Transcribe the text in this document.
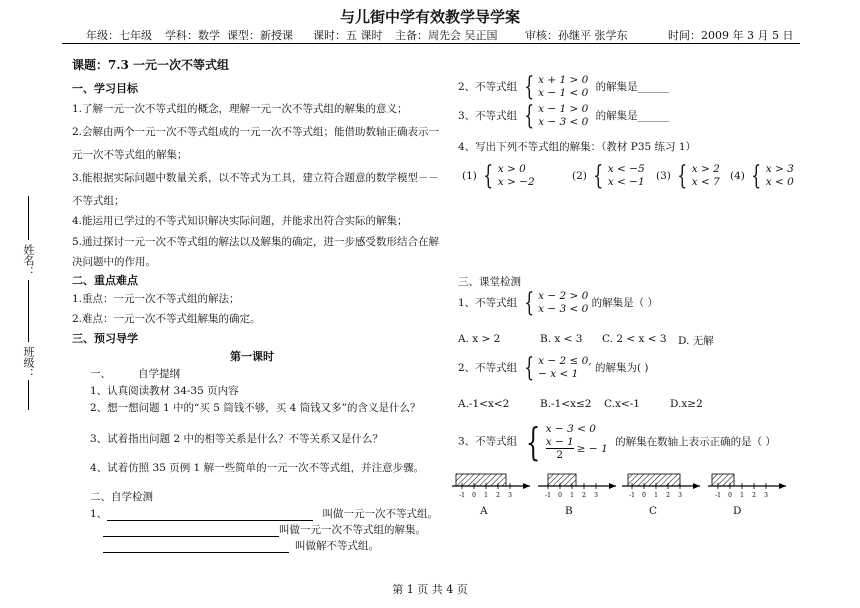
与儿街中学有效教学导学案
年级：七年级 学科：数学 课型：新授课 课时：五 课时 主备：周先会 吴正国	审核：孙继平 张学东	时间：2009 年 3 月 5 日
姓名：
班级：
课题：7.3 一元一次不等式组
一、学习目标
1.了解一元一次不等式组的概念，理解一元一次不等式组的解集的意义；
2.会解由两个一元一次不等式组成的一元一次不等式组；能借助数轴正确表示一
元一次不等式组的解集；
3.能根据实际问题中数量关系，以不等式为工具，建立符合题意的数学模型－－
不等式组；
4.能运用已学过的不等式知识解决实际问题，并能求出符合实际的解集；
5.通过探讨一元一次不等式组的解法以及解集的确定，进一步感受数形结合在解
决问题中的作用。
二、重点难点
1.重点：一元一次不等式组的解法；
2.难点：一元一次不等式组解集的确定。
三、预习导学
第一课时
一、	自学提纲
1、认真阅读教材 34-35 页内容
2、想一想问题 1 中的“买 5 筒钱不够，买 4 筒钱又多”的含义是什么？
3、试着指出问题 2 中的相等关系是什么？不等关系又是什么？
4、试着仿照 35 页例 1 解一些简单的一元一次不等式组，并注意步骤。
二、自学检测
1、	叫做一元一次不等式组。
叫做一元一次不等式组的解集。
叫做解不等式组。
2、不等式组 { x + 1 > 0
x − 1 < 0 的解集是______
3、不等式组 { x − 1 > 0
x − 3 < 0 的解集是______
4、写出下列不等式组的解集：（教材 P35 练习 1）
(1) { x > 0
x > −2	(2) { x < −5
x < −1 (3) { x > 2
x < 7 (4) { x > 3
x < 0
三、课堂检测
1、不等式组 { x − 2 > 0
x − 3 < 0 的解集是（ ）
A. x > 2	B. x < 3 C. 2 < x < 3 D. 无解
2、不等式组 { x − 2 ≤ 0,
− x < 1	的解集为( )
A.-1<x<2	B.-1<x≤2 C.x<-1	D.x≥2
3、不等式组 { x − 3 < 0
$\frac{x - 1}{2}$ ≥ − 1
的解集在数轴上表示正确的是（ ）
-1 0 1 2 3	-1 0 1 2 3	-1 0 1 2 3	-1 0 1 2 3
A	B	C	D
第 1 页 共 4 页
